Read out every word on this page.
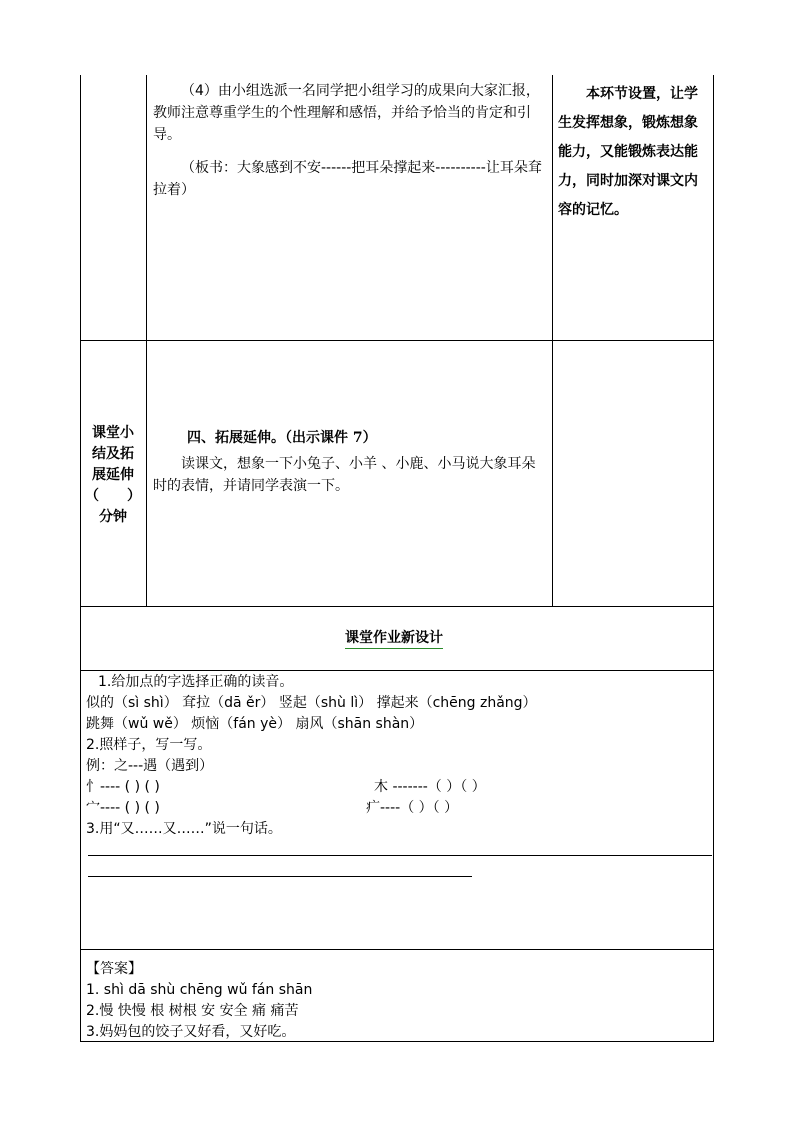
（4）由小组选派一名同学把小组学习的成果向大家汇报，教师注意尊重学生的个性理解和感悟，并给予恰当的肯定和引导。
（板书：大象感到不安------把耳朵撑起来----------让耳朵耷拉着）
本环节设置，让学生发挥想象，锻炼想象能力，又能锻炼表达能力，同时加深对课文内容的记忆。
课堂小
结及拓
展延伸
（　　）
分钟
四、拓展延伸。（出示课件 7）
读课文，想象一下小兔子、小羊 、小鹿、小马说大象耳朵时的表情，并请同学表演一下。
课堂作业新设计
1.给加点的字选择正确的读音。
似的（sì shì） 耷拉（dā ěr） 竖起（shù lì） 撑起来（chēng zhǎng）
跳舞（wǔ wě） 烦恼（fán yè） 扇风（shān shàn）
2.照样子，写一写。
例：之---遇（遇到）
忄---- ( ) ( )	木 -------（ ）（ ）
宀---- ( ) ( )	疒----（ ）（ ）
3.用“又……又……”说一句话。
【答案】
1. shì dā shù chēng wǔ fán shān
2.慢 快慢 根 树根 安 安全 痛 痛苦
3.妈妈包的饺子又好看，又好吃。
